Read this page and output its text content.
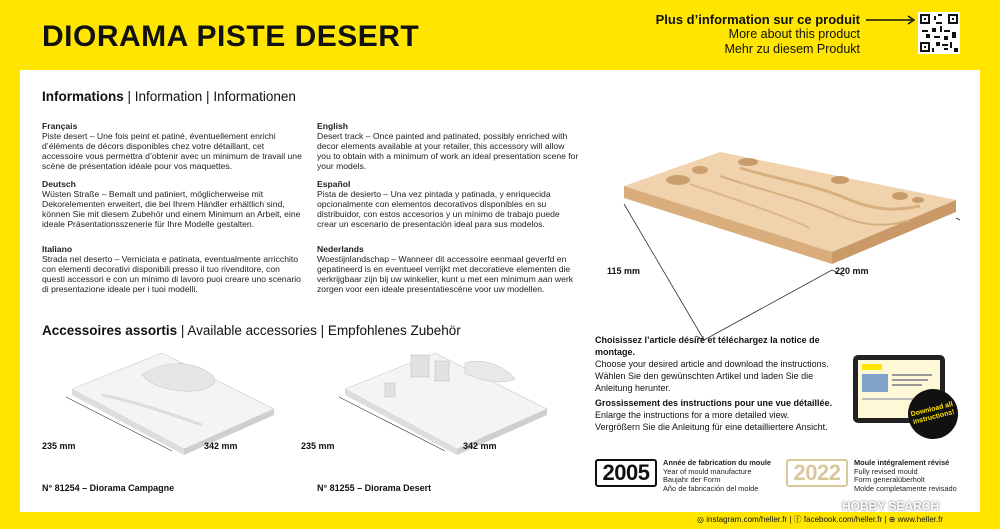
DIORAMA PISTE DESERT
Plus d’information sur ce produit
More about this product
Mehr zu diesem Produkt
Informations | Information | Informationen
Français
Piste desert – Une fois peint et patiné, éventuellement enrichi d’éléments de décors disponibles chez votre détaillant, cet accessoire vous permettra d’obtenir avec un minimum de travail une scène de présentation idéale pour vos maquettes.
Deutsch
Wüsten Straße – Bemalt und patiniert, möglicherweise mit Dekorelementen erweitert, die bei Ihrem Händler erhältlich sind, können Sie mit diesem Zubehör und einem Minimum an Arbeit, eine ideale Präsentationsszenerie für Ihre Modelle gestalten.
Italiano
Strada nel deserto – Verniciata e patinata, eventualmente arricchito con elementi decorativi disponibili presso il tuo rivenditore, con questi accessori e con un minimo di lavoro puoi creare uno scenario di presentazione ideale per i tuoi modelli.
English
Desert track – Once painted and patinated, possibly enriched with decor elements available at your retailer, this accessory will allow you to obtain with a minimum of work an ideal presentation scene for your models.
Español
Pista de desierto – Una vez pintada y patinada, y enriquecida opcionalmente con elementos decorativos disponibles en su distribuidor, con estos accesorios y un mínimo de trabajo puede crear un escenario de presentación ideal para sus modelos.
Nederlands
Woestijnlandschap – Wanneer dit accessoire eenmaal geverfd en gepatineerd is en eventueel verrijkt met decoratieve elementen die verkrijgbaar zijn bij uw winkelier, kunt u met een minimum aan werk zorgen voor een ideale presentatiescène voor uw modellen.
115 mm	220 mm
Accessoires assortis | Available accessories | Empfohlenes Zubehör
235 mm	342 mm
N° 81254 – Diorama Campagne
235 mm	342 mm
N° 81255 – Diorama Desert
Choisissez l’article désiré et téléchargez la notice de montage.
Choose your desired article and download the instructions.
Wählen Sie den gewünschten Artikel und laden Sie die Anleitung herunter.
Grossissement des instructions pour une vue détaillée.
Enlarge the instructions for a more detailed view.
Vergrößern Sie die Anleitung für eine detailliertere Ansicht.
Download all instructions!
2005	Année de fabrication du moule
Year of mould manufacture
Baujahr der Form
Año de fabricación del molde
2022	Moule intégralement révisé
Fully revised mould
Form generalüberholt
Molde completamente revisado
HOBBY SEARCH
◎ instagram.com/heller.fr | ⓕ facebook.com/heller.fr | ⊕ www.heller.fr
